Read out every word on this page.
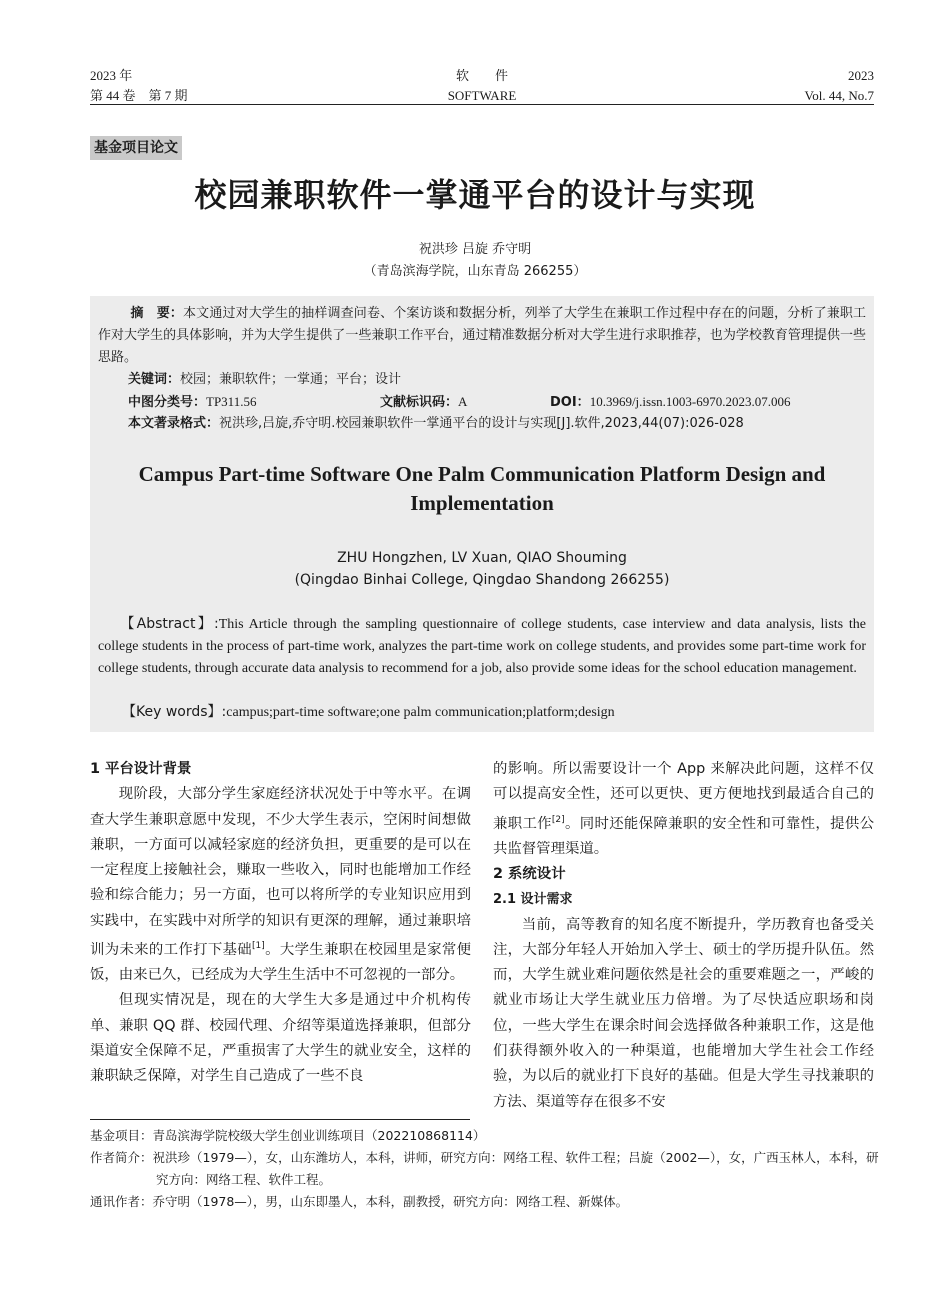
2023 年
第 44 卷　第 7 期
软　　件
SOFTWARE
2023
Vol. 44, No.7
基金项目论文
校园兼职软件一掌通平台的设计与实现
祝洪珍 吕旋 乔守明
（青岛滨海学院，山东青岛 266255）
摘　要：本文通过对大学生的抽样调查问卷、个案访谈和数据分析，列举了大学生在兼职工作过程中存在的问题，分析了兼职工作对大学生的具体影响，并为大学生提供了一些兼职工作平台，通过精准数据分析对大学生进行求职推荐，也为学校教育管理提供一些思路。
关键词：校园；兼职软件；一掌通；平台；设计
中图分类号：TP311.56	文献标识码：A	DOI：10.3969/j.issn.1003-6970.2023.07.006

本文著录格式：祝洪珍,吕旋,乔守明.校园兼职软件一掌通平台的设计与实现[J].软件,2023,44(07):026-028
Campus Part-time Software One Palm Communication Platform Design and
Implementation
ZHU Hongzhen, LV Xuan, QIAO Shouming
(Qingdao Binhai College, Qingdao Shandong 266255)
【Abstract】:This Article through the sampling questionnaire of college students, case interview and data analysis, lists the college students in the process of part-time work, analyzes the part-time work on college students, and provides some part-time work for college students, through accurate data analysis to recommend for a job, also provide some ideas for the school education management.
【Key words】:campus;part-time software;one palm communication;platform;design

1 平台设计背景

现阶段，大部分学生家庭经济状况处于中等水平。在调查大学生兼职意愿中发现，不少大学生表示，空闲时间想做兼职，一方面可以减轻家庭的经济负担，更重要的是可以在一定程度上接触社会，赚取一些收入，同时也能增加工作经验和综合能力；另一方面，也可以将所学的专业知识应用到实践中，在实践中对所学的知识有更深的理解，通过兼职培训为未来的工作打下基础[1]。大学生兼职在校园里是家常便饭，由来已久，已经成为大学生生活中不可忽视的一部分。

但现实情况是，现在的大学生大多是通过中介机构传单、兼职 QQ 群、校园代理、介绍等渠道选择兼职，但部分渠道安全保障不足，严重损害了大学生的就业安全，这样的兼职缺乏保障，对学生自己造成了一些不良

的影响。所以需要设计一个 App 来解决此问题，这样不仅可以提高安全性，还可以更快、更方便地找到最适合自己的兼职工作[2]。同时还能保障兼职的安全性和可靠性，提供公共监督管理渠道。

2 系统设计

2.1 设计需求

当前，高等教育的知名度不断提升，学历教育也备受关注，大部分年轻人开始加入学士、硕士的学历提升队伍。然而，大学生就业难问题依然是社会的重要难题之一，严峻的就业市场让大学生就业压力倍增。为了尽快适应职场和岗位，一些大学生在课余时间会选择做各种兼职工作，这是他们获得额外收入的一种渠道，也能增加大学生社会工作经验，为以后的就业打下良好的基础。但是大学生寻找兼职的方法、渠道等存在很多不安

基金项目：青岛滨海学院校级大学生创业训练项目（202210868114）
作者简介：祝洪珍（1979—），女，山东潍坊人，本科，讲师，研究方向：网络工程、软件工程；吕旋（2002—），女，广西玉林人，本科，研究方向：网络工程、软件工程。
通讯作者：乔守明（1978—），男，山东即墨人，本科，副教授，研究方向：网络工程、新媒体。
